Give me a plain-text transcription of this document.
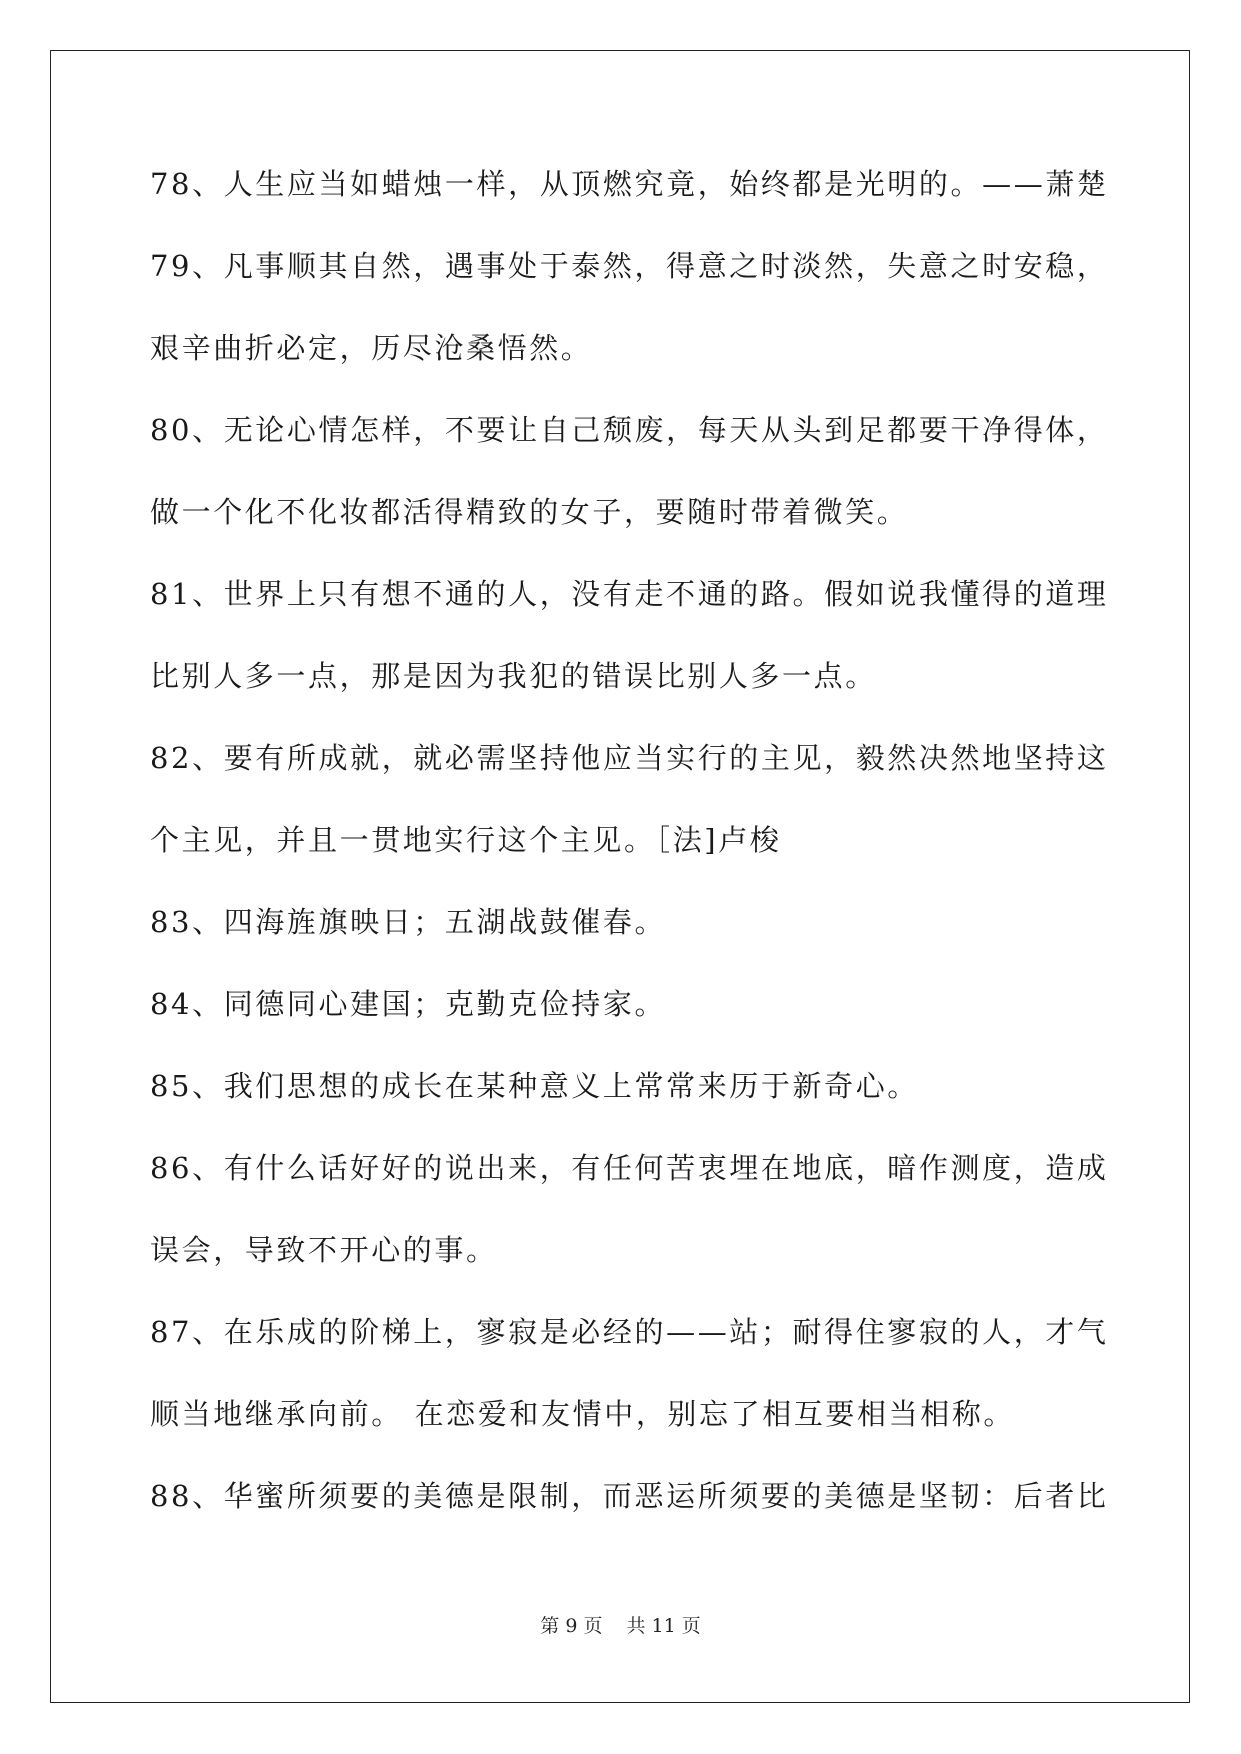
78、人生应当如蜡烛一样，从顶燃究竟，始终都是光明的。——萧楚
79、凡事顺其自然，遇事处于泰然，得意之时淡然，失意之时安稳，
艰辛曲折必定，历尽沧桑悟然。
80、无论心情怎样，不要让自己颓废，每天从头到足都要干净得体，
做一个化不化妆都活得精致的女子，要随时带着微笑。
81、世界上只有想不通的人，没有走不通的路。假如说我懂得的道理
比别人多一点，那是因为我犯的错误比别人多一点。
82、要有所成就，就必需坚持他应当实行的主见，毅然决然地坚持这
个主见，并且一贯地实行这个主见。［法]卢梭
83、四海旌旗映日；五湖战鼓催春。
84、同德同心建国；克勤克俭持家。
85、我们思想的成长在某种意义上常常来历于新奇心。
86、有什么话好好的说出来，有任何苦衷埋在地底，暗作测度，造成
误会，导致不开心的事。
87、在乐成的阶梯上，寥寂是必经的——站；耐得住寥寂的人，才气
顺当地继承向前。 在恋爱和友情中，别忘了相互要相当相称。
88、华蜜所须要的美德是限制，而恶运所须要的美德是坚韧：后者比
第 9 页 共 11 页
